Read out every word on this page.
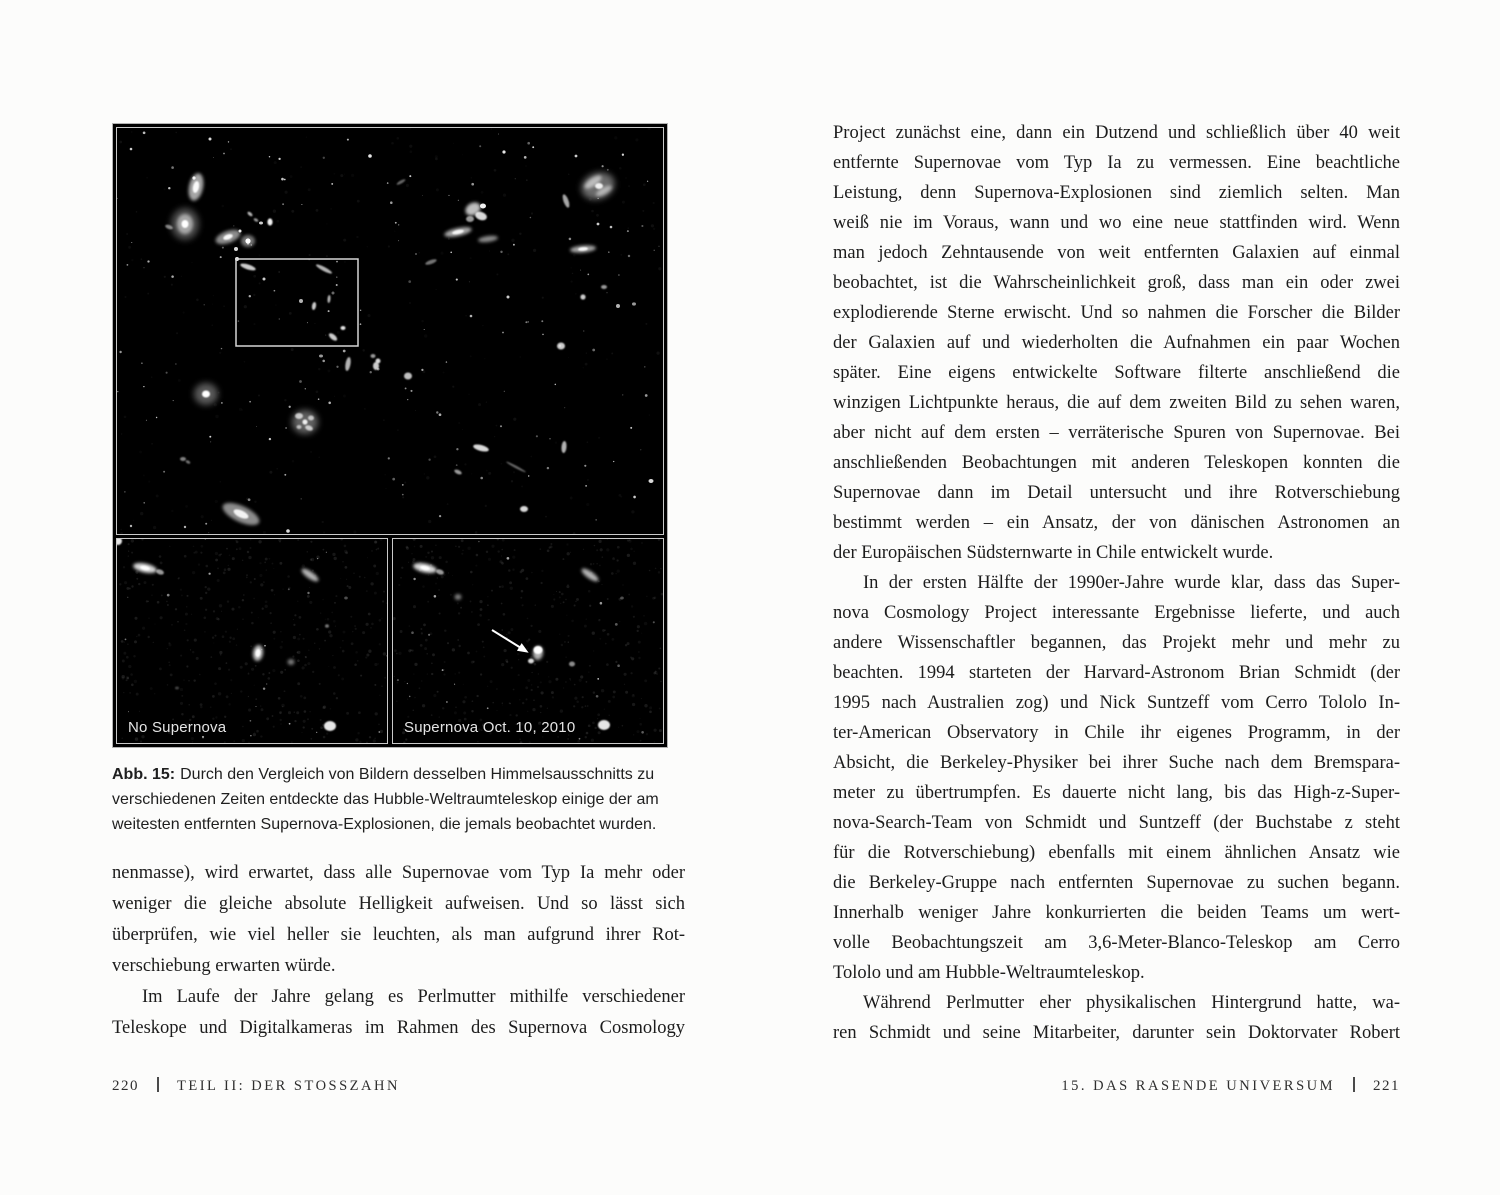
No Supernova	Supernova Oct. 10, 2010
Abb. 15: Durch den Vergleich von Bildern desselben Himmelsausschnitts zu
verschiedenen Zeiten entdeckte das Hubble-Weltraumteleskop einige der am
weitesten entfernten Supernova-Explosionen, die jemals beobachtet wurden.
nenmasse), wird erwartet, dass alle Supernovae vom Typ Ia mehr oder
weniger die gleiche absolute Helligkeit aufweisen. Und so lässt sich
überprüfen, wie viel heller sie leuchten, als man aufgrund ihrer Rot-
verschiebung erwarten würde.
Im Laufe der Jahre gelang es Perlmutter mithilfe verschiedener
Teleskope und Digitalkameras im Rahmen des Supernova Cosmology
220	TEIL II: DER STOSSZAHN
Project zunächst eine, dann ein Dutzend und schließlich über 40 weit
entfernte Supernovae vom Typ Ia zu vermessen. Eine beachtliche
Leistung, denn Supernova-Explosionen sind ziemlich selten. Man
weiß nie im Voraus, wann und wo eine neue stattfinden wird. Wenn
man jedoch Zehntausende von weit entfernten Galaxien auf einmal
beobachtet, ist die Wahrscheinlichkeit groß, dass man ein oder zwei
explodierende Sterne erwischt. Und so nahmen die Forscher die Bilder
der Galaxien auf und wiederholten die Aufnahmen ein paar Wochen
später. Eine eigens entwickelte Software filterte anschließend die
winzigen Lichtpunkte heraus, die auf dem zweiten Bild zu sehen waren,
aber nicht auf dem ersten – verräterische Spuren von Supernovae. Bei
anschließenden Beobachtungen mit anderen Teleskopen konnten die
Supernovae dann im Detail untersucht und ihre Rotverschiebung
bestimmt werden – ein Ansatz, der von dänischen Astronomen an
der Europäischen Südsternwarte in Chile entwickelt wurde.
In der ersten Hälfte der 1990er-Jahre wurde klar, dass das Super-
nova Cosmology Project interessante Ergebnisse lieferte, und auch
andere Wissenschaftler begannen, das Projekt mehr und mehr zu
beachten. 1994 starteten der Harvard-Astronom Brian Schmidt (der
1995 nach Australien zog) und Nick Suntzeff vom Cerro Tololo In-
ter-American Observatory in Chile ihr eigenes Programm, in der
Absicht, die Berkeley-Physiker bei ihrer Suche nach dem Bremspara-
meter zu übertrumpfen. Es dauerte nicht lang, bis das High-z-Super-
nova-Search-Team von Schmidt und Suntzeff (der Buchstabe z steht
für die Rotverschiebung) ebenfalls mit einem ähnlichen Ansatz wie
die Berkeley-Gruppe nach entfernten Supernovae zu suchen begann.
Innerhalb weniger Jahre konkurrierten die beiden Teams um wert-
volle Beobachtungszeit am 3,6-Meter-Blanco-Teleskop am Cerro
Tololo und am Hubble-Weltraumteleskop.
Während Perlmutter eher physikalischen Hintergrund hatte, wa-
ren Schmidt und seine Mitarbeiter, darunter sein Doktorvater Robert
15. DAS RASENDE UNIVERSUM	221
